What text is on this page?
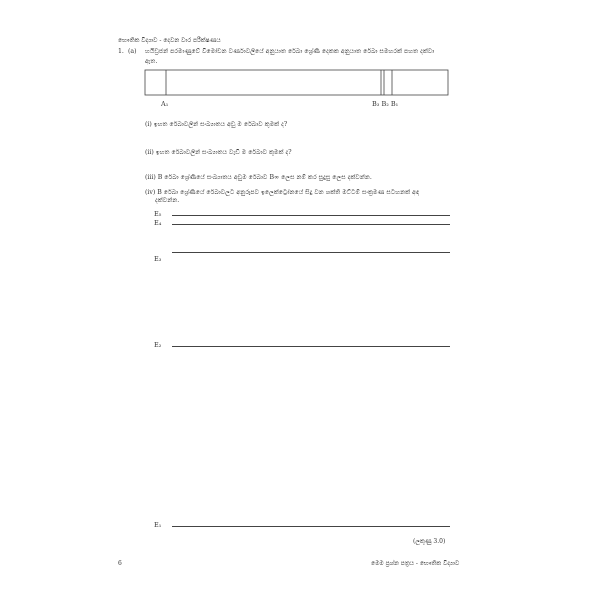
භෞතික විද්‍යාව - දෙවන වාර පරීක්ෂණය
1. (a) හයිඩ්‍රජන් පරමාණුවේ විමෝචන වර්ණාවලියේ අනුයාත රේඛා ශ්‍රේණි දෙකක අනුයාත රේඛා සමහරක් පහත දක්වා
ඇත.
A₁	B₃ B₂ B₁
(i) ඉහත රේඛාවලින් සංඛ්‍යාතය අඩු ම රේඛාව කුමක් ද?
(ii) ඉහත රේඛාවලින් සංඛ්‍යාතය වැඩි ම රේඛාව කුමක් ද?
(iii) B රේඛා ශ්‍රේණියේ සංඛ්‍යාතය අඩුම රේඛාව B∞ ලෙස නම් කර සුදුසු ලෙස දක්වන්න.
(iv) B රේඛා ශ්‍රේණියේ රේඛාවලට අනුරූපව ඉලෙක්ට්‍රෝනයේ සිදු වන ශක්ති මට්ටම් සංක්‍රමණ සටහනක් අඳ
දක්වන්න.
E₅
E₄
E₃
E₂
E₁
(ලකුණු 3.0)
6	මෙම ප්‍රශ්න පත්‍රය - භෞතික විද්‍යාව
